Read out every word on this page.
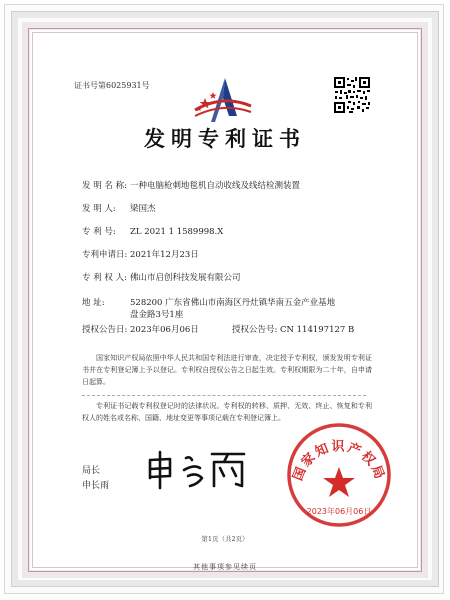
证书号第6025931号
发明专利证书
发 明 名 称: 一种电脑枪刺地毯机自动收线及线结检测装置
发 明 人: 梁国杰
专 利 号: ZL 2021 1 1589998.X
专利申请日: 2021年12月23日
专 利 权 人: 佛山市启创科技发展有限公司
地 址:	528200 广东省佛山市南海区丹灶镇华南五金产业基地
盘金路3号1座
授权公告日: 2023年06月06日	授权公告号: CN 114197127 B
国家知识产权局依照中华人民共和国专利法进行审查，决定授予专利权，颁发发明专利证书并在专利登记簿上予以登记。专利权自授权公告之日起生效。专利权期限为二十年，自申请日起算。
专利证书记载专利权登记时的法律状况。专利权的转移、质押、无效、终止、恢复和专利权人的姓名或名称、国籍、地址变更等事项记载在专利登记簿上。
局长
申长雨
国家知识产权局
2023年06月06日
第1页（共2页）
其他事项参见续页
